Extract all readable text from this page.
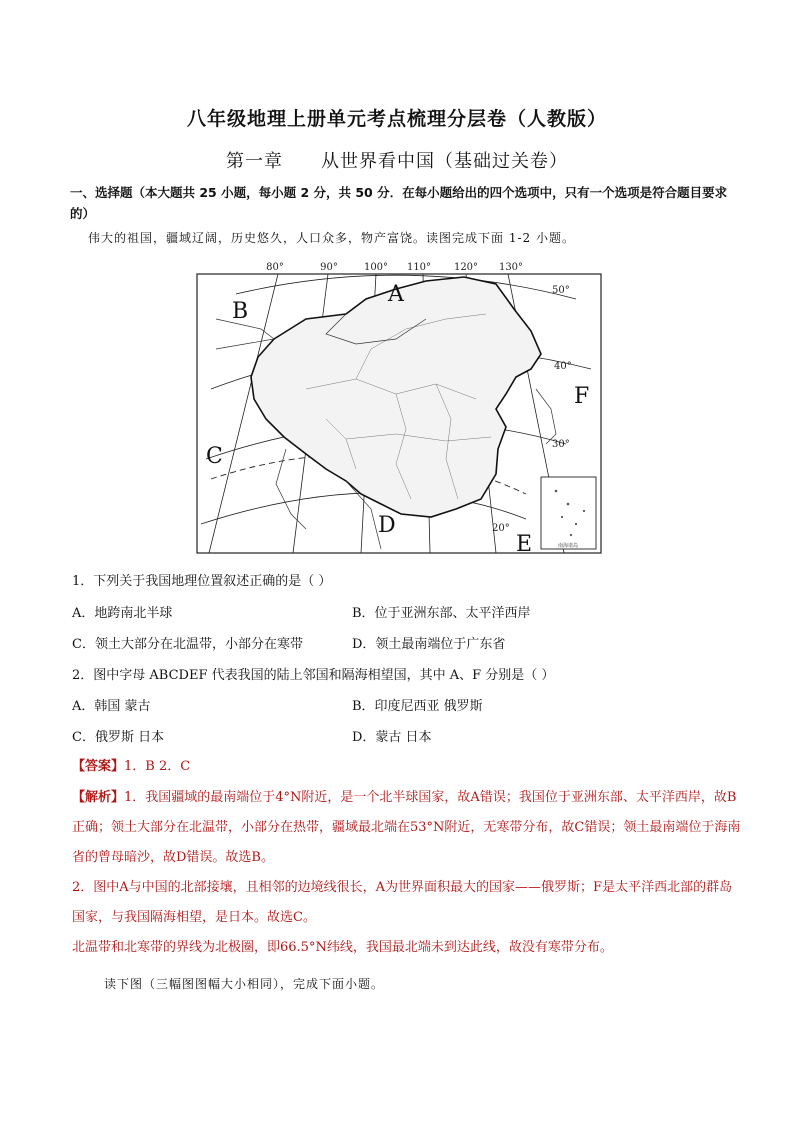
八年级地理上册单元考点梳理分层卷（人教版）
第一章 从世界看中国（基础过关卷）
一、选择题（本大题共 25 小题，每小题 2 分，共 50 分．在每小题给出的四个选项中，只有一个选项是符合题目要求的）
伟大的祖国，疆域辽阔，历史悠久，人口众多，物产富饶。读图完成下面 1-2 小题。
南海诸岛
80°	90°	100° 110° 120° 130°
50°
40°
30°
20°
A
B
C
D
E
F
1．下列关于我国地理位置叙述正确的是（ ）
A．地跨南北半球	B．位于亚洲东部、太平洋西岸
C．领土大部分在北温带，小部分在寒带	D．领土最南端位于广东省
2．图中字母 ABCDEF 代表我国的陆上邻国和隔海相望国，其中 A、F 分别是（ ）
A．韩国 蒙古	B．印度尼西亚 俄罗斯
C．俄罗斯 日本	D．蒙古 日本
【答案】1．B 2．C
【解析】1．我国疆域的最南端位于4°N附近，是一个北半球国家，故A错误；我国位于亚洲东部、太平洋西岸，故B正确；领土大部分在北温带，小部分在热带，疆域最北端在53°N附近，无寒带分布，故C错误；领土最南端位于海南省的曾母暗沙，故D错误。故选B。
2．图中A与中国的北部接壤，且相邻的边境线很长，A为世界面积最大的国家——俄罗斯；F是太平洋西北部的群岛国家，与我国隔海相望，是日本。故选C。
北温带和北寒带的界线为北极圈，即66.5°N纬线，我国最北端未到达此线，故没有寒带分布。
读下图（三幅图图幅大小相同），完成下面小题。
